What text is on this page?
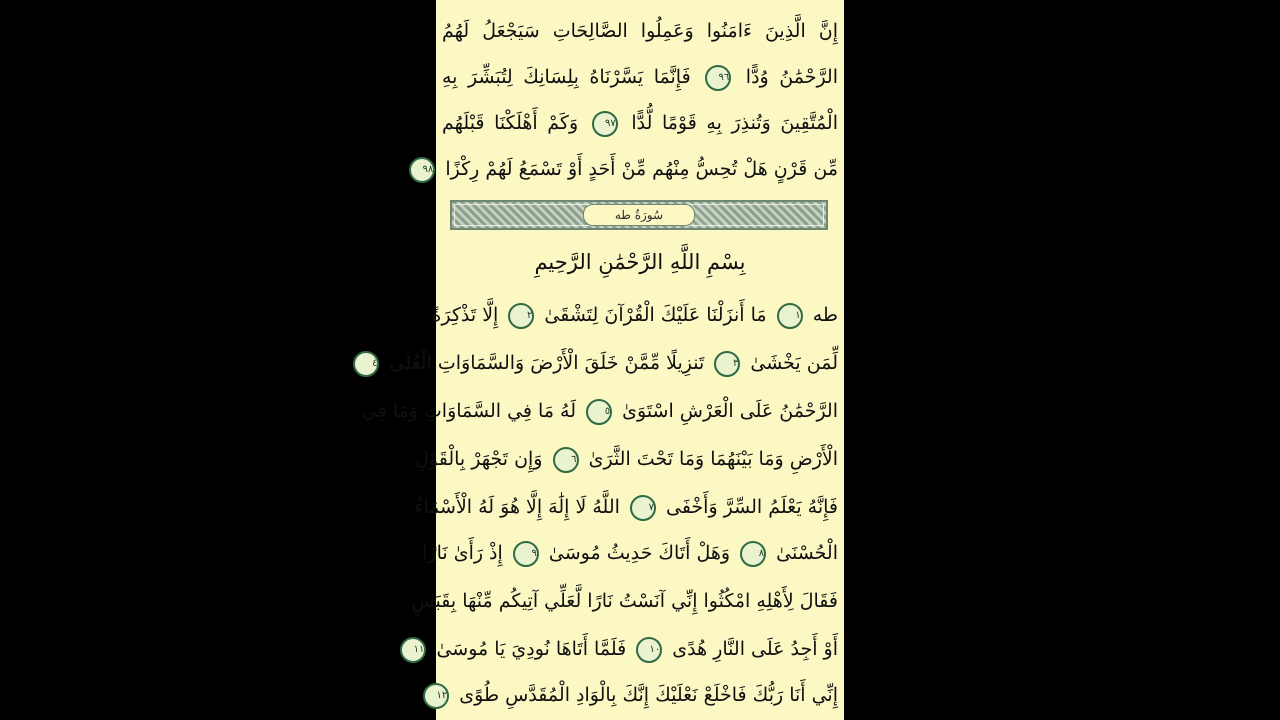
إِنَّ الَّذِينَ ءَامَنُوا وَعَمِلُوا الصَّالِحَاتِ سَيَجْعَلُ لَهُمُ
الرَّحْمَٰنُ وُدًّا ٩٦ فَإِنَّمَا يَسَّرْنَاهُ بِلِسَانِكَ لِتُبَشِّرَ بِهِ
الْمُتَّقِينَ وَتُنذِرَ بِهِ قَوْمًا لُّدًّا ٩٧ وَكَمْ أَهْلَكْنَا قَبْلَهُم
مِّن قَرْنٍ هَلْ تُحِسُّ مِنْهُم مِّنْ أَحَدٍ أَوْ تَسْمَعُ لَهُمْ رِكْزًا ٩٨
سُورَةُ طه
بِسْمِ اللَّهِ الرَّحْمَٰنِ الرَّحِيمِ
طه ١ مَا أَنزَلْنَا عَلَيْكَ الْقُرْآنَ لِتَشْقَىٰ ٢ إِلَّا تَذْكِرَةً
لِّمَن يَخْشَىٰ ٣ تَنزِيلًا مِّمَّنْ خَلَقَ الْأَرْضَ وَالسَّمَاوَاتِ الْعُلَى ٤
الرَّحْمَٰنُ عَلَى الْعَرْشِ اسْتَوَىٰ ٥ لَهُ مَا فِي السَّمَاوَاتِ وَمَا فِي
الْأَرْضِ وَمَا بَيْنَهُمَا وَمَا تَحْتَ الثَّرَىٰ ٦ وَإِن تَجْهَرْ بِالْقَوْلِ
فَإِنَّهُ يَعْلَمُ السِّرَّ وَأَخْفَى ٧ اللَّهُ لَا إِلَٰهَ إِلَّا هُوَ لَهُ الْأَسْمَاءُ
الْحُسْنَىٰ ٨ وَهَلْ أَتَاكَ حَدِيثُ مُوسَىٰ ٩ إِذْ رَأَىٰ نَارًا
فَقَالَ لِأَهْلِهِ امْكُثُوا إِنِّي آنَسْتُ نَارًا لَّعَلِّي آتِيكُم مِّنْهَا بِقَبَسٍ
أَوْ أَجِدُ عَلَى النَّارِ هُدًى ١٠ فَلَمَّا أَتَاهَا نُودِيَ يَا مُوسَىٰ ١١
إِنِّي أَنَا رَبُّكَ فَاخْلَعْ نَعْلَيْكَ إِنَّكَ بِالْوَادِ الْمُقَدَّسِ طُوًى ١٢
